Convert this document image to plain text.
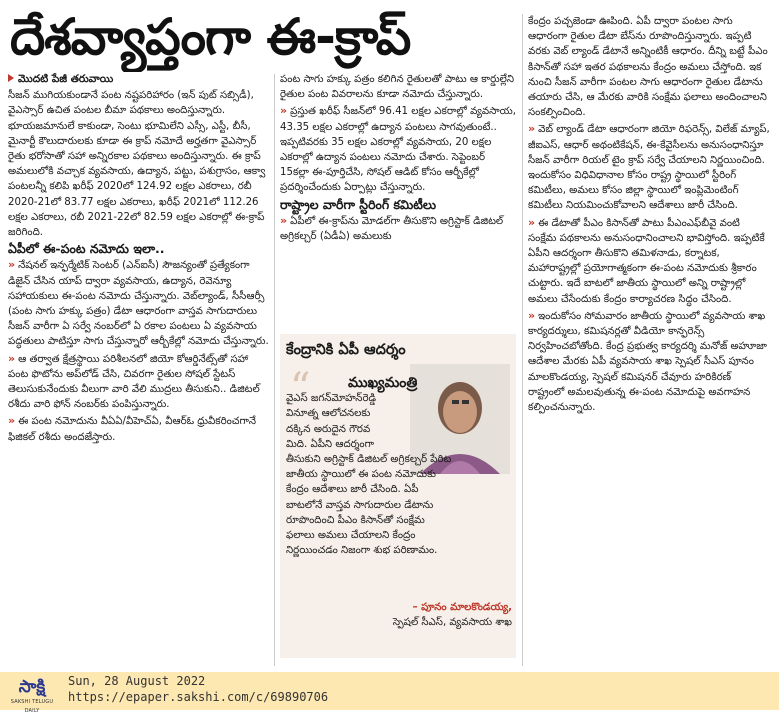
దేశవ్యాప్తంగా ఈ-క్రాప్

మొదటి పేజీ తరువాయి

సీజన్ ముగియకుండానే పంట నష్టపరిహారం (ఇన్ పుట్ సబ్సిడీ), వైఎస్సార్ ఉచిత పంటల బీమా పథకాలు అందిస్తున్నారు. భూయజమానులే కాకుండా, సెంటు భూమిలేని ఎస్సీ, ఎస్టీ, బీసీ, మైనార్టీ కౌలుదారులకు కూడా ఈ క్రాప్ నమోదే అర్హతగా వైఎస్సార్ రైతు భరోసాతో సహా అన్నిరకాల పథకాలు అందిస్తున్నారు. ఈ క్రాప్ అమలులోకి వచ్చాక వ్యవసాయ, ఉద్యాన, పట్టు, పశుగ్రాసం, ఆక్వా పంటలన్నీ కలిపి ఖరీఫ్ 2020లో 124.92 లక్షల ఎకరాలు, రబీ 2020-21లో 83.77 లక్షల ఎకరాలు, ఖరీఫ్ 2021లో 112.26 లక్షల ఎకరాలు, రబీ 2021-22లో 82.59 లక్షల ఎకరాల్లో ఈ-క్రాప్ జరిగింది.

ఏపీలో ఈ-పంట నమోదు ఇలా..

» నేషనల్ ఇన్ఫర్మేటిక్ సెంటర్ (ఎన్ఐసీ) సౌజన్యంతో ప్రత్యేకంగా డిజైన్ చేసిన యాప్ ద్వారా వ్యవసాయ, ఉద్యాన, రెవెన్యూ సహాయకులు ఈ-పంట నమోదు చేస్తున్నారు. వెబ్‌ల్యాండ్, సీసీఆర్సీ (పంట సాగు హక్కు పత్రం) డేటా ఆధారంగా వాస్తవ సాగుదారులు సీజన్ వారీగా ఏ సర్వే నంబర్‌లో ఏ రకాల పంటలు ఏ వ్యవసాయ పద్ధతులు పాటిస్తూ సాగు చేస్తున్నారో ఆర్బీకేల్లో నమోదు చేస్తున్నారు.

» ఆ తర్వాత క్షేత్రస్థాయి పరిశీలనలో జియో కోఆర్డినేట్స్‌తో సహా పంట ఫొటోను అప్‌లోడ్ చేసి, చివరగా రైతుల సోషల్ స్టేటస్ తెలుసుకునేందుకు వీలుగా వారి వేలి ముద్రలు తీసుకుని.. డిజిటల్ రశీదు వారి ఫోన్ నంబర్‌కు పంపిస్తున్నారు.

» ఈ పంట నమోదును వీఏఏ/వీహెచ్ఏ, వీఆర్ఓ ధ్రువీకరించగానే ఫిజికల్ రశీదు అందజేస్తారు.

పంట సాగు హక్కు పత్రం కలిగిన రైతులతో పాటు ఆ కార్డుల్లేని రైతుల పంట వివరాలను కూడా నమోదు చేస్తున్నారు.

» ప్రస్తుత ఖరీఫ్ సీజన్‌లో 96.41 లక్షల ఎకరాల్లో వ్యవసాయ, 43.35 లక్షల ఎకరాల్లో ఉద్యాన పంటలు సాగవుతుంటే.. ఇప్పటివరకు 35 లక్షల ఎకరాల్లో వ్యవసాయ, 20 లక్షల ఎకరాల్లో ఉద్యాన పంటలు నమోదు చేశారు. సెప్టెంబర్ 15కల్లా ఈ-పూర్తిచేసి, సోషల్ ఆడిట్ కోసం ఆర్బీకేల్లో ప్రదర్శించేందుకు ఏర్పాట్లు చేస్తున్నారు.

రాష్ట్రాల వారీగా స్టీరింగ్ కమిటీలు

» ఏపీలో ఈ-క్రాప్‌ను మోడల్‌గా తీసుకొని అగ్రిస్టాక్ డిజిటల్ అగ్రికల్చర్ (ఏడీఏ) అమలుకు

కేంద్రానికి ఏపీ ఆదర్శం
“	ముఖ్యమంత్రి
వైఎస్ జగన్‌మోహన్‌రెడ్డి
వినూత్న ఆలోచనలకు
దక్కిన అరుదైన గౌరవ
మిది. ఏపీని ఆదర్శంగా
తీసుకుని అగ్రిస్టాక్ డిజిటల్ అగ్రికల్చర్ పేరిట
జాతీయ స్థాయిలో ఈ పంట నమోదుకు
కేంద్రం ఆదేశాలు జారీ చేసింది. ఏపీ
బాటలోనే వాస్తవ సాగుదారుల డేటాను
రూపొందించి పీఎం కిసాన్‌తో సంక్షేమ
ఫలాలు అమలు చేయాలని కేంద్రం
నిర్ణయించడం నిజంగా శుభ పరిణామం.
– పూనం మాలకొండయ్య,
స్పెషల్ సీఎస్, వ్యవసాయ శాఖ

కేంద్రం పచ్చజెండా ఊపింది. ఏపీ ద్వారా పంటల సాగు ఆధారంగా రైతుల డేటా బేస్‌ను రూపొందిస్తున్నారు. ఇప్పటి వరకు వెబ్ ల్యాండ్ డేటానే అన్నింటికీ ఆధారం. దీన్ని బట్టే పీఎం కిసాన్‌తో సహా ఇతర పథకాలను కేంద్రం అమలు చేస్తోంది. ఇక నుంచి సీజన్ వారీగా పంటల సాగు ఆధారంగా రైతుల డేటాను తయారు చేసి, ఆ మేరకు వారికి సంక్షేమ ఫలాలు అందించాలని సంకల్పించింది.

» వెబ్ ల్యాండ్ డేటా ఆధారంగా జియో రిఫరెన్స్, విలేజ్ మ్యాప్, జీఐఎస్, ఆధార్ అథంటికేషన్, ఈ-కేవైసీలను అనుసంధానిస్తూ సీజన్ వారీగా రియల్ టైం క్రాప్ సర్వే చేయాలని నిర్ణయించింది. ఇందుకోసం విధివిధానాల కోసం రాష్ట్ర స్థాయిలో స్టీరింగ్ కమిటీలు, అమలు కోసం జిల్లా స్థాయిలో ఇంప్లిమెంటింగ్ కమిటీలు నియమించుకోవాలని ఆదేశాలు జారీ చేసింది.

» ఈ డేటాతో పీఎం కిసాన్‌తో పాటు పీఎంఎఫ్‌బీవై వంటి సంక్షేమ పథకాలను అనుసంధానించాలని భావిస్తోంది. ఇప్పటికే ఏపీని ఆదర్శంగా తీసుకొని తమిళనాడు, కర్నాటక, మహారాష్ట్రల్లో ప్రయోగాత్మకంగా ఈ-పంట నమోదుకు శ్రీకారం చుట్టారు. ఇదే బాటలో జాతీయ స్థాయిలో అన్ని రాష్ట్రాల్లో అమలు చేసేందుకు కేంద్రం కార్యాచరణ సిద్ధం చేసింది.

» ఇందుకోసం సోమవారం జాతీయ స్థాయిలో వ్యవసాయ శాఖ కార్యదర్శులు, కమిషనర్లతో వీడియో కాన్ఫరెన్స్ నిర్వహించబోతోంది. కేంద్ర ప్రభుత్వ కార్యదర్శి మనోజ్ అహూజా ఆదేశాల మేరకు ఏపీ వ్యవసాయ శాఖ స్పెషల్ సీఎస్ పూనం మాలకొండయ్య, స్పెషల్ కమిషనర్ చేవూరు హరికిరణ్ రాష్ట్రంలో అమలవుతున్న ఈ-పంట నమోదుపై అవగాహన కల్పించనున్నారు.

సాక్షి
SAKSHI TELUGU DAILY
Sun, 28 August 2022
https://epaper.sakshi.com/c/69890706
